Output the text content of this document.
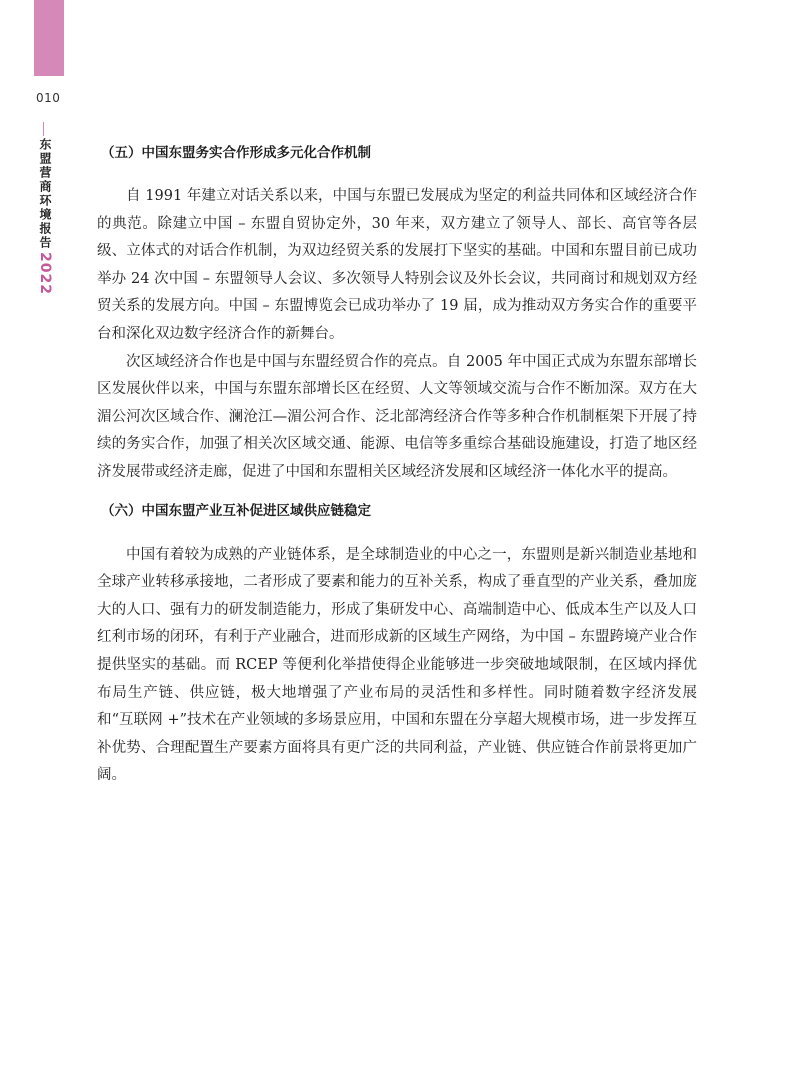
010
东盟营商环境报告
2022

（五）中国东盟务实合作形成多元化合作机制

自 1991 年建立对话关系以来，中国与东盟已发展成为坚定的利益共同体和区域经济合作的典范。除建立中国 – 东盟自贸协定外，30 年来，双方建立了领导人、部长、高官等各层级、立体式的对话合作机制，为双边经贸关系的发展打下坚实的基础。中国和东盟目前已成功举办 24 次中国 – 东盟领导人会议、多次领导人特别会议及外长会议，共同商讨和规划双方经贸关系的发展方向。中国 – 东盟博览会已成功举办了 19 届，成为推动双方务实合作的重要平台和深化双边数字经济合作的新舞台。

次区域经济合作也是中国与东盟经贸合作的亮点。自 2005 年中国正式成为东盟东部增长区发展伙伴以来，中国与东盟东部增长区在经贸、人文等领域交流与合作不断加深。双方在大湄公河次区域合作、澜沧江—湄公河合作、泛北部湾经济合作等多种合作机制框架下开展了持续的务实合作，加强了相关次区域交通、能源、电信等多重综合基础设施建设，打造了地区经济发展带或经济走廊，促进了中国和东盟相关区域经济发展和区域经济一体化水平的提高。

（六）中国东盟产业互补促进区域供应链稳定

中国有着较为成熟的产业链体系，是全球制造业的中心之一，东盟则是新兴制造业基地和全球产业转移承接地，二者形成了要素和能力的互补关系，构成了垂直型的产业关系，叠加庞大的人口、强有力的研发制造能力，形成了集研发中心、高端制造中心、低成本生产以及人口红利市场的闭环，有利于产业融合，进而形成新的区域生产网络，为中国 – 东盟跨境产业合作提供坚实的基础。而 RCEP 等便利化举措使得企业能够进一步突破地域限制，在区域内择优布局生产链、供应链，极大地增强了产业布局的灵活性和多样性。同时随着数字经济发展和“互联网 +”技术在产业领域的多场景应用，中国和东盟在分享超大规模市场，进一步发挥互补优势、合理配置生产要素方面将具有更广泛的共同利益，产业链、供应链合作前景将更加广阔。
